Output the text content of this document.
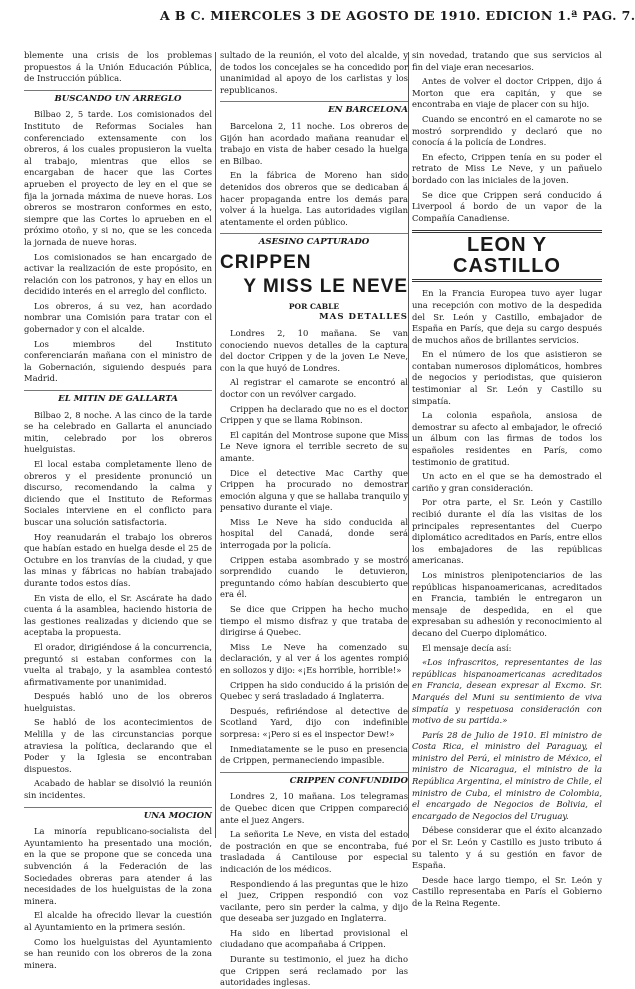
A B C. MIERCOLES 3 DE AGOSTO DE 1910. EDICION 1.ª PAG. 7.

blemente una crisis de los problemas propuestos á la Unión Educación Pública, de Instrucción pública.

BUSCANDO UN ARREGLO

Bilbao 2, 5 tarde. Los comisionados del Instituto de Reformas Sociales han conferenciado extensamente con los obreros, á los cuales propusieron la vuelta al trabajo, mientras que ellos se encargaban de hacer que las Cortes aprueben el proyecto de ley en el que se fija la jornada máxima de nueve horas. Los obreros se mostraron conformes en esto, siempre que las Cortes lo aprueben en el próximo otoño, y si no, que se les conceda la jornada de nueve horas.

Los comisionados se han encargado de activar la realización de este propósito, en relación con los patronos, y hay en ellos un decidido interés en el arreglo del conflicto.

Los obreros, á su vez, han acordado nombrar una Comisión para tratar con el gobernador y con el alcalde.

Los miembros del Instituto conferenciarán mañana con el ministro de la Gobernación, siguiendo después para Madrid.

EL MITIN DE GALLARTA

Bilbao 2, 8 noche. A las cinco de la tarde se ha celebrado en Gallarta el anunciado mitin, celebrado por los obreros huelguistas.

El local estaba completamente lleno de obreros y el presidente pronunció un discurso, recomendando la calma y diciendo que el Instituto de Reformas Sociales interviene en el conflicto para buscar una solución satisfactoria.

Hoy reanudarán el trabajo los obreros que habían estado en huelga desde el 25 de Octubre en los tranvías de la ciudad, y que las minas y fábricas no habían trabajado durante todos estos días.

En vista de ello, el Sr. Ascárate ha dado cuenta á la asamblea, haciendo historia de las gestiones realizadas y diciendo que se aceptaba la propuesta.

El orador, dirigiéndose á la concurrencia, preguntó si estaban conformes con la vuelta al trabajo, y la asamblea contestó afirmativamente por unanimidad.

Después habló uno de los obreros huelguistas.

Se habló de los acontecimientos de Melilla y de las circunstancias porque atraviesa la política, declarando que el Poder y la Iglesia se encontraban dispuestos.

Acabado de hablar se disolvió la reunión sin incidentes.

UNA MOCION

La minoría republicano-socialista del Ayuntamiento ha presentado una moción, en la que se propone que se conceda una subvención á la Federación de las Sociedades obreras para atender á las necesidades de los huelguistas de la zona minera.

El alcalde ha ofrecido llevar la cuestión al Ayuntamiento en la primera sesión.

Como los huelguistas del Ayuntamiento se han reunido con los obreros de la zona minera.

sultado de la reunión, el voto del alcalde, y de todos los concejales se ha concedido por unanimidad al apoyo de los carlistas y los republicanos.

EN BARCELONA

Barcelona 2, 11 noche. Los obreros de Gijón han acordado mañana reanudar el trabajo en vista de haber cesado la huelga en Bilbao.

En la fábrica de Moreno han sido detenidos dos obreros que se dedicaban á hacer propaganda entre los demás para volver á la huelga. Las autoridades vigilan atentamente el orden público.

ASESINO CAPTURADO
CRIPPEN
Y MISS LE NEVE
POR CABLE
MAS DETALLES

Londres 2, 10 mañana. Se van conociendo nuevos detalles de la captura del doctor Crippen y de la joven Le Neve, con la que huyó de Londres.

Al registrar el camarote se encontró al doctor con un revólver cargado.

Crippen ha declarado que no es el doctor Crippen y que se llama Robinson.

El capitán del Montrose supone que Miss Le Neve ignora el terrible secreto de su amante.

Dice el detective Mac Carthy que Crippen ha procurado no demostrar emoción alguna y que se hallaba tranquilo y pensativo durante el viaje.

Miss Le Neve ha sido conducida al hospital del Canadá, donde será interrogada por la policía.

Crippen estaba asombrado y se mostró sorprendido cuando le detuvieron, preguntando cómo habían descubierto que era él.

Se dice que Crippen ha hecho mucho tiempo el mismo disfraz y que trataba de dirigirse á Quebec.

Miss Le Neve ha comenzado su declaración, y al ver á los agentes rompió en sollozos y dijo: «¡Es horrible, horrible!»

Crippen ha sido conducido á la prisión de Quebec y será trasladado á Inglaterra.

Después, refiriéndose al detective de Scotland Yard, dijo con indefinible sorpresa: «¡Pero si es el inspector Dew!»

Inmediatamente se le puso en presencia de Crippen, permaneciendo impasible.

CRIPPEN CONFUNDIDO

Londres 2, 10 mañana. Los telegramas de Quebec dicen que Crippen compareció ante el juez Angers.

La señorita Le Neve, en vista del estado de postración en que se encontraba, fué trasladada á Cantilouse por especial indicación de los médicos.

Respondiendo á las preguntas que le hizo el juez, Crippen respondió con voz vacilante, pero sin perder la calma, y dijo que deseaba ser juzgado en Inglaterra.

Ha sido en libertad provisional el ciudadano que acompañaba á Crippen.

Durante su testimonio, el juez ha dicho que Crippen será reclamado por las autoridades inglesas.

sin novedad, tratando que sus servicios al fin del viaje eran necesarios.

Antes de volver el doctor Crippen, dijo á Morton que era capitán, y que se encontraba en viaje de placer con su hijo.

Cuando se encontró en el camarote no se mostró sorprendido y declaró que no conocía á la policía de Londres.

En efecto, Crippen tenía en su poder el retrato de Miss Le Neve, y un pañuelo bordado con las iniciales de la joven.

Se dice que Crippen será conducido á Liverpool á bordo de un vapor de la Compañía Canadiense.

LEON Y CASTILLO

En la Francia Europea tuvo ayer lugar una recepción con motivo de la despedida del Sr. León y Castillo, embajador de España en París, que deja su cargo después de muchos años de brillantes servicios.

En el número de los que asistieron se contaban numerosos diplomáticos, hombres de negocios y periodistas, que quisieron testimoniar al Sr. León y Castillo su simpatía.

La colonia española, ansiosa de demostrar su afecto al embajador, le ofreció un álbum con las firmas de todos los españoles residentes en París, como testimonio de gratitud.

Un acto en el que se ha demostrado el cariño y gran consideración.

Por otra parte, el Sr. León y Castillo recibió durante el día las visitas de los principales representantes del Cuerpo diplomático acreditados en París, entre ellos los embajadores de las repúblicas americanas.

Los ministros plenipotenciarios de las repúblicas hispanoamericanas, acreditados en Francia, también le entregaron un mensaje de despedida, en el que expresaban su adhesión y reconocimiento al decano del Cuerpo diplomático.

El mensaje decía así:

«Los infrascritos, representantes de las repúblicas hispanoamericanas acreditados en Francia, desean expresar al Excmo. Sr. Marqués del Muni su sentimiento de viva simpatía y respetuosa consideración con motivo de su partida.»

París 28 de Julio de 1910. El ministro de Costa Rica, el ministro del Paraguay, el ministro del Perú, el ministro de México, el ministro de Nicaragua, el ministro de la República Argentina, el ministro de Chile, el ministro de Cuba, el ministro de Colombia, el encargado de Negocios de Bolivia, el encargado de Negocios del Uruguay.

Débese considerar que el éxito alcanzado por el Sr. León y Castillo es justo tributo á su talento y á su gestión en favor de España.

Desde hace largo tiempo, el Sr. León y Castillo representaba en París el Gobierno de la Reina Regente.
